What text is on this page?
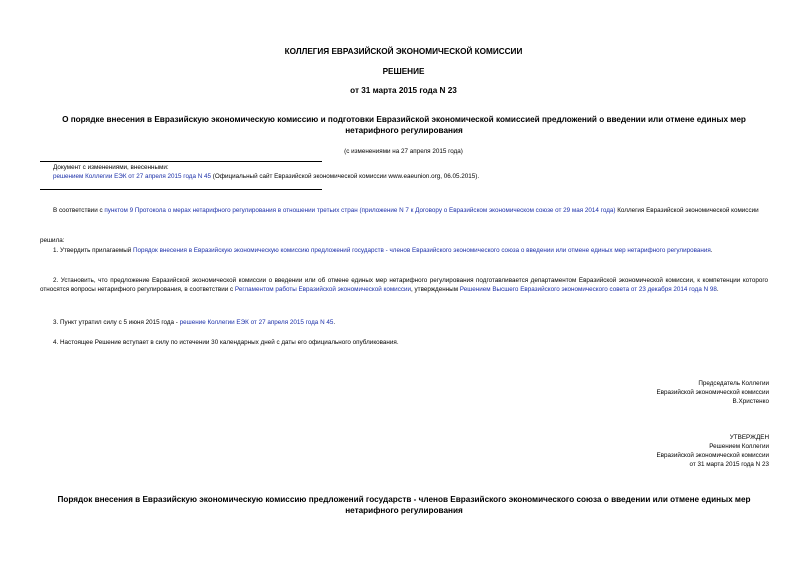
КОЛЛЕГИЯ ЕВРАЗИЙСКОЙ ЭКОНОМИЧЕСКОЙ КОМИССИИ
РЕШЕНИЕ
от 31 марта 2015 года N 23
О порядке внесения в Евразийскую экономическую комиссию и подготовки Евразийской экономической комиссией предложений о введении или отмене единых мер нетарифного регулирования
(с изменениями на 27 апреля 2015 года)
Документ с изменениями, внесенными:
решением Коллегии ЕЭК от 27 апреля 2015 года N 45 (Официальный сайт Евразийской экономической комиссии www.eaeunion.org, 06.05.2015).
В соответствии с пунктом 9 Протокола о мерах нетарифного регулирования в отношении третьих стран (приложение N 7 к Договору о Евразийском экономическом союзе от 29 мая 2014 года) Коллегия Евразийской экономической комиссии
решила:
1. Утвердить прилагаемый Порядок внесения в Евразийскую экономическую комиссию предложений государств - членов Евразийского экономического союза о введении или отмене единых мер нетарифного регулирования.
2. Установить, что предложение Евразийской экономической комиссии о введении или об отмене единых мер нетарифного регулирования подготавливается департаментом Евразийской экономической комиссии, к компетенции которого относятся вопросы нетарифного регулирования, в соответствии с Регламентом работы Евразийской экономической комиссии, утвержденным Решением Высшего Евразийского экономического совета от 23 декабря 2014 года N 98.
3. Пункт утратил силу с 5 июня 2015 года - решение Коллегии ЕЭК от 27 апреля 2015 года N 45.
4. Настоящее Решение вступает в силу по истечении 30 календарных дней с даты его официального опубликования.
Председатель Коллегии
Евразийской экономической комиссии
В.Христенко
УТВЕРЖДЕН
Решением Коллегии
Евразийской экономической комиссии
от 31 марта 2015 года N 23
Порядок внесения в Евразийскую экономическую комиссию предложений государств - членов Евразийского экономического союза о введении или отмене единых мер нетарифного регулирования
